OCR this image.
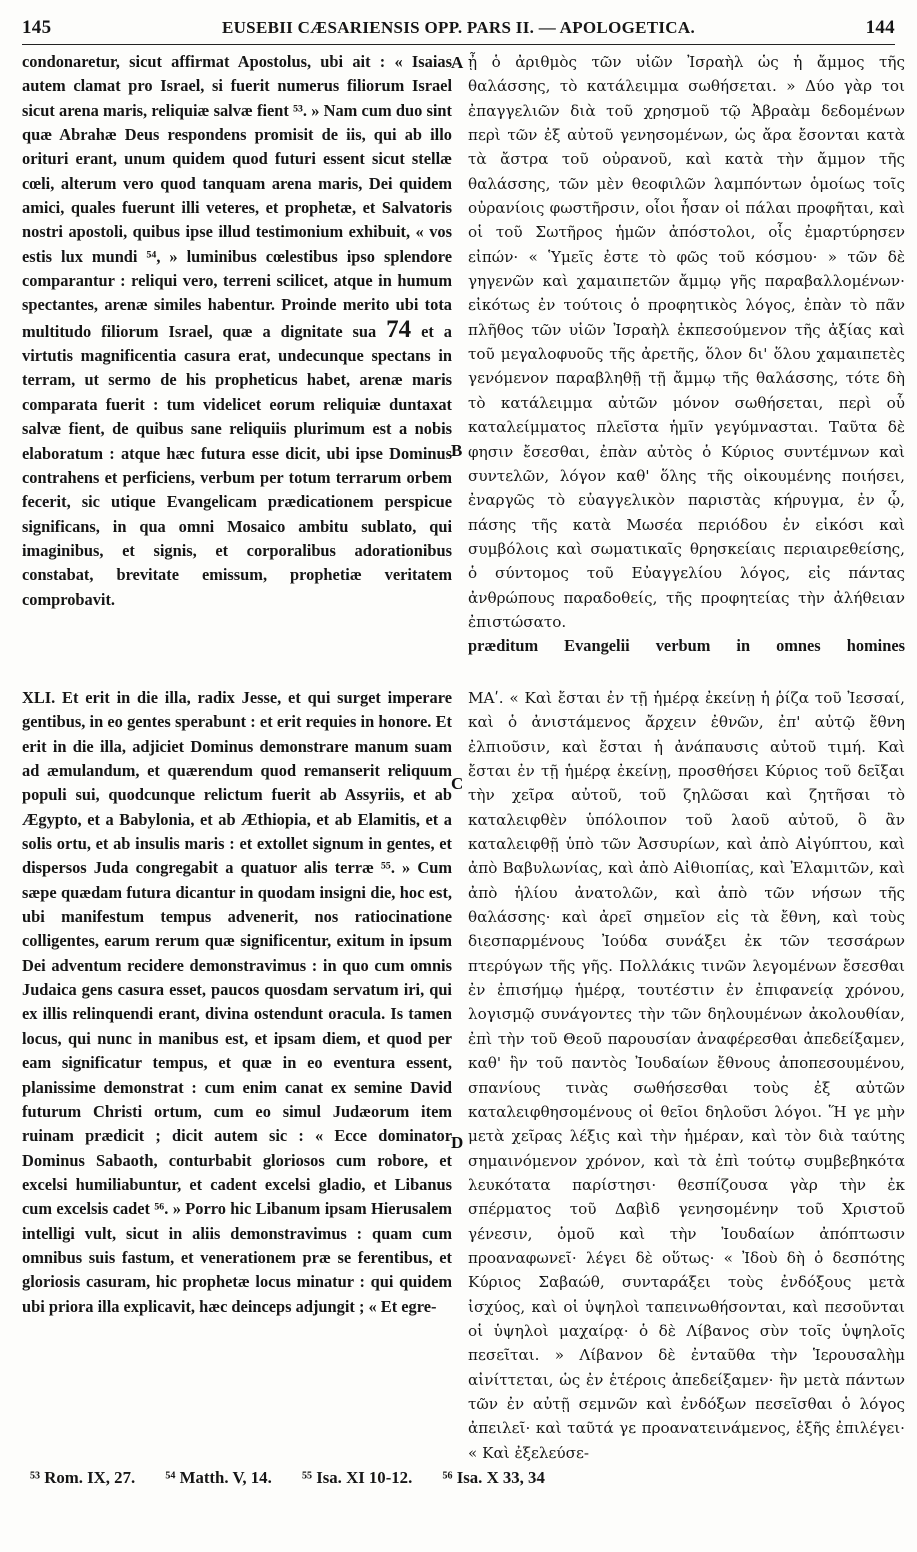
145	EUSEBII CÆSARIENSIS OPP. PARS II. — APOLOGETICA.	144

condonaretur, sicut affirmat Apostolus, ubi ait : « Isaias autem clamat pro Israel, si fuerit numerus filiorum Israel sicut arena maris, reliquiæ salvæ fient ⁵³. » Nam cum duo sint quæ Abrahæ Deus respondens promisit de iis, qui ab illo orituri erant, unum quidem quod futuri essent sicut stellæ cœli, alterum vero quod tanquam arena maris, Dei quidem amici, quales fuerunt illi veteres, et prophetæ, et Salvatoris nostri apostoli, quibus ipse illud testimonium exhibuit, « vos estis lux mundi ⁵⁴, » luminibus cœlestibus ipso splendore comparantur : reliqui vero, terreni scilicet, atque in humum spectantes, arenæ similes habentur. Proinde merito ubi tota multitudo filiorum Israel, quæ a dignitate sua 74 et a virtutis magnificentia casura erat, undecunque spectans in terram, ut sermo de his propheticus habet, arenæ maris comparata fuerit : tum videlicet eorum reliquiæ duntaxat salvæ fient, de quibus sane reliquiis plurimum est a nobis elaboratum : atque hæc futura esse dicit, ubi ipse Dominus contrahens et perficiens, verbum per totum terrarum orbem fecerit, sic utique Evangelicam prædicationem perspicue significans, in qua omni Mosaico ambitu sublato, qui imaginibus, et signis, et corporalibus adorationibus constabat, brevitate emissum, prophetiæ veritatem comprobavit.

ᾖ ὁ ἀριθμὸς τῶν υἱῶν Ἰσραὴλ ὡς ἡ ἄμμος τῆς θαλάσσης, τὸ κατάλειμμα σωθήσεται. » Δύο γὰρ τοι ἐπαγγελιῶν διὰ τοῦ χρησμοῦ τῷ Ἀβραὰμ δεδομένων περὶ τῶν ἐξ αὐτοῦ γενησομένων, ὡς ἄρα ἔσονται κατὰ τὰ ἄστρα τοῦ οὐρανοῦ, καὶ κατὰ τὴν ἄμμον τῆς θαλάσσης, τῶν μὲν θεοφιλῶν λαμπόντων ὁμοίως τοῖς οὐρανίοις φωστῆρσιν, οἷοι ἦσαν οἱ πάλαι προφῆται, καὶ οἱ τοῦ Σωτῆρος ἡμῶν ἀπόστολοι, οἷς ἐμαρτύρησεν εἰπών· « Ὑμεῖς ἐστε τὸ φῶς τοῦ κόσμου· » τῶν δὲ γηγενῶν καὶ χαμαιπετῶν ἄμμῳ γῆς παραβαλλομένων· εἰκότως ἐν τούτοις ὁ προφητικὸς λόγος, ἐπὰν τὸ πᾶν πλῆθος τῶν υἱῶν Ἰσραὴλ ἐκπεσούμενον τῆς ἀξίας καὶ τοῦ μεγαλοφυοῦς τῆς ἀρετῆς, ὅλον δι' ὅλου χαμαιπετὲς γενόμενον παραβληθῇ τῇ ἄμμῳ τῆς θαλάσσης, τότε δὴ τὸ κατάλειμμα αὐτῶν μόνον σωθήσεται, περὶ οὗ καταλείμματος πλεῖστα ἡμῖν γεγύμνασται. Ταῦτα δὲ φησιν ἔσεσθαι, ἐπὰν αὐτὸς ὁ Κύριος συντέμνων καὶ συντελῶν, λόγον καθ' ὅλης τῆς οἰκουμένης ποιήσει, ἐναργῶς τὸ εὐαγγελικὸν παριστὰς κήρυγμα, ἐν ᾧ, πάσης τῆς κατὰ Μωσέα περιόδου ἐν εἰκόσι καὶ συμβόλοις καὶ σωματικαῖς θρησκείαις περιαιρεθείσης, ὁ σύντομος τοῦ Εὐαγγελίου λόγος, εἰς πάντας ἀνθρώπους παραδοθείς, τῆς προφητείας τὴν ἀλήθειαν ἐπιστώσατο.

præditum Evangelii verbum in omnes homines

XLI. Et erit in die illa, radix Jesse, et qui surget imperare gentibus, in eo gentes sperabunt : et erit requies in honore. Et erit in die illa, adjiciet Dominus demonstrare manum suam ad æmulandum, et quærendum quod remanserit reliquum populi sui, quodcunque relictum fuerit ab Assyriis, et ab Ægypto, et a Babylonia, et ab Æthiopia, et ab Elamitis, et a solis ortu, et ab insulis maris : et extollet signum in gentes, et dispersos Juda congregabit a quatuor alis terræ ⁵⁵. » Cum sæpe quædam futura dicantur in quodam insigni die, hoc est, ubi manifestum tempus advenerit, nos ratiocinatione colligentes, earum rerum quæ significentur, exitum in ipsum Dei adventum recidere demonstravimus : in quo cum omnis Judaica gens casura esset, paucos quosdam servatum iri, qui ex illis relinquendi erant, divina ostendunt oracula. Is tamen locus, qui nunc in manibus est, et ipsam diem, et quod per eam significatur tempus, et quæ in eo eventura essent, planissime demonstrat : cum enim canat ex semine David futurum Christi ortum, cum eo simul Judæorum item ruinam prædicit ; dicit autem sic : « Ecce dominator Dominus Sabaoth, conturbabit gloriosos cum robore, et excelsi humiliabuntur, et cadent excelsi gladio, et Libanus cum excelsis cadet ⁵⁶. » Porro hic Libanum ipsam Hierusalem intelligi vult, sicut in aliis demonstravimus : quam cum omnibus suis fastum, et venerationem præ se ferentibus, et gloriosis casuram, hic prophetæ locus minatur : qui quidem ubi priora illa explicavit, hæc deinceps adjungit ; « Et egre-

ΜΑʹ. « Καὶ ἔσται ἐν τῇ ἡμέρᾳ ἐκείνῃ ἡ ῥίζα τοῦ Ἰεσσαί, καὶ ὁ ἀνιστάμενος ἄρχειν ἐθνῶν, ἐπ' αὐτῷ ἔθνη ἐλπιοῦσιν, καὶ ἔσται ἡ ἀνάπαυσις αὐτοῦ τιμή. Καὶ ἔσται ἐν τῇ ἡμέρᾳ ἐκείνῃ, προσθήσει Κύριος τοῦ δεῖξαι τὴν χεῖρα αὐτοῦ, τοῦ ζηλῶσαι καὶ ζητῆσαι τὸ καταλειφθὲν ὑπόλοιπον τοῦ λαοῦ αὐτοῦ, ὃ ἂν καταλειφθῇ ὑπὸ τῶν Ἀσσυρίων, καὶ ἀπὸ Αἰγύπτου, καὶ ἀπὸ Βαβυλωνίας, καὶ ἀπὸ Αἰθιοπίας, καὶ Ἐλαμιτῶν, καὶ ἀπὸ ἡλίου ἀνατολῶν, καὶ ἀπὸ τῶν νήσων τῆς θαλάσσης· καὶ ἀρεῖ σημεῖον εἰς τὰ ἔθνη, καὶ τοὺς διεσπαρμένους Ἰούδα συνάξει ἐκ τῶν τεσσάρων πτερύγων τῆς γῆς. Πολλάκις τινῶν λεγομένων ἔσεσθαι ἐν ἐπισήμῳ ἡμέρᾳ, τουτέστιν ἐν ἐπιφανείᾳ χρόνου, λογισμῷ συνάγοντες τὴν τῶν δηλουμένων ἀκολουθίαν, ἐπὶ τὴν τοῦ Θεοῦ παρουσίαν ἀναφέρεσθαι ἀπεδείξαμεν, καθ' ἣν τοῦ παντὸς Ἰουδαίων ἔθνους ἀποπεσουμένου, σπανίους τινὰς σωθήσεσθαι τοὺς ἐξ αὐτῶν καταλειφθησομένους οἱ θεῖοι δηλοῦσι λόγοι. Ἥ γε μὴν μετὰ χεῖρας λέξις καὶ τὴν ἡμέραν, καὶ τὸν διὰ ταύτης σημαινόμενον χρόνον, καὶ τὰ ἐπὶ τούτῳ συμβεβηκότα λευκότατα παρίστησι· θεσπίζουσα γὰρ τὴν ἐκ σπέρματος τοῦ Δαβὶδ γενησομένην τοῦ Χριστοῦ γένεσιν, ὁμοῦ καὶ τὴν Ἰουδαίων ἀπόπτωσιν προαναφωνεῖ· λέγει δὲ οὕτως· « Ἰδοὺ δὴ ὁ δεσπότης Κύριος Σαβαώθ, συνταράξει τοὺς ἐνδόξους μετὰ ἰσχύος, καὶ οἱ ὑψηλοὶ ταπεινωθήσονται, καὶ πεσοῦνται οἱ ὑψηλοὶ μαχαίρᾳ· ὁ δὲ Λίβανος σὺν τοῖς ὑψηλοῖς πεσεῖται. » Λίβανον δὲ ἐνταῦθα τὴν Ἱερουσαλὴμ αἰνίττεται, ὡς ἐν ἑτέροις ἀπεδείξαμεν· ἣν μετὰ πάντων τῶν ἐν αὐτῇ σεμνῶν καὶ ἐνδόξων πεσεῖσθαι ὁ λόγος ἀπειλεῖ· καὶ ταῦτά γε προανατεινάμενος, ἑξῆς ἐπιλέγει· « Καὶ ἐξελεύσε-

A
B
C
D
⁵³ Rom. IX, 27. ⁵⁴ Matth. V, 14. ⁵⁵ Isa. XI 10-12. ⁵⁶ Isa. X 33, 34
